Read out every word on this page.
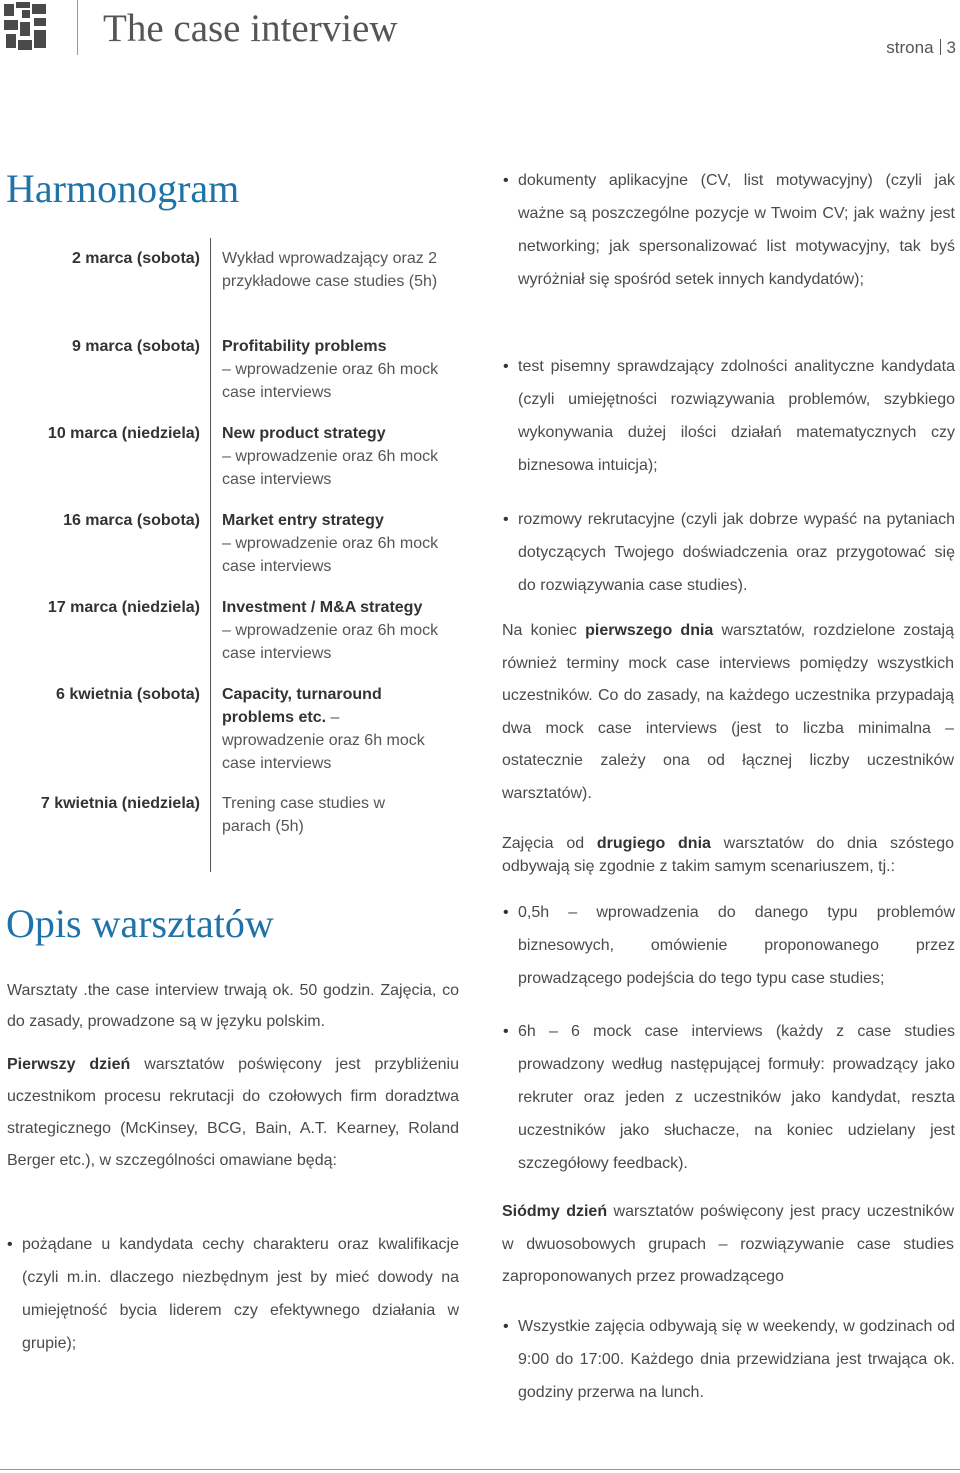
The case interview	strona 3
Harmonogram
2 marca (sobota) Wykład wprowadzający oraz 2 przykładowe case studies (5h)
9 marca (sobota) Profitability problems
– wprowadzenie oraz 6h mock case interviews
10 marca (niedziela) New product strategy
– wprowadzenie oraz 6h mock case interviews
16 marca (sobota) Market entry strategy
– wprowadzenie oraz 6h mock case interviews
17 marca (niedziela) Investment / M&A strategy
– wprowadzenie oraz 6h mock case interviews
6 kwietnia (sobota) Capacity, turnaround problems etc. – wprowadzenie oraz 6h mock case interviews
7 kwietnia (niedziela) Trening case studies w parach (5h)
Opis warsztatów
Warsztaty .the case interview trwają ok. 50 godzin. Zajęcia, co do zasady, prowadzone są w języku polskim.
Pierwszy dzień warsztatów poświęcony jest przybliżeniu uczestnikom procesu rekrutacji do czołowych firm doradztwa strategicznego (McKinsey, BCG, Bain, A.T. Kearney, Roland Berger etc.), w szczególności omawiane będą:
• pożądane u kandydata cechy charakteru oraz kwalifikacje (czyli m.in. dlaczego niezbędnym jest by mieć dowody na umiejętność bycia liderem czy efektywnego działania w grupie);
• dokumenty aplikacyjne (CV, list motywacyjny) (czyli jak ważne są poszczególne pozycje w Twoim CV; jak ważny jest networking; jak spersonalizować list motywacyjny, tak byś wyróżniał się spośród setek innych kandydatów);
• test pisemny sprawdzający zdolności analityczne kandydata (czyli umiejętności rozwiązywania problemów, szybkiego wykonywania dużej ilości działań matematycznych czy biznesowa intuicja);
• rozmowy rekrutacyjne (czyli jak dobrze wypaść na pytaniach dotyczących Twojego doświadczenia oraz przygotować się do rozwiązywania case studies).
Na koniec pierwszego dnia warsztatów, rozdzielone zostają również terminy mock case interviews pomiędzy wszystkich uczestników. Co do zasady, na każdego uczestnika przypadają dwa mock case interviews (jest to liczba minimalna – ostatecznie zależy ona od łącznej liczby uczestników warsztatów).
Zajęcia od drugiego dnia warsztatów do dnia szóstego odbywają się zgodnie z takim samym scenariuszem, tj.:
• 0,5h – wprowadzenia do danego typu problemów biznesowych, omówienie proponowanego przez prowadzącego podejścia do tego typu case studies;
• 6h – 6 mock case interviews (każdy z case studies prowadzony według następującej formuły: prowadzący jako rekruter oraz jeden z uczestników jako kandydat, reszta uczestników jako słuchacze, na koniec udzielany jest szczegółowy feedback).
Siódmy dzień warsztatów poświęcony jest pracy uczestników w dwuosobowych grupach – rozwiązywanie case studies zaproponowanych przez prowadzącego
• Wszystkie zajęcia odbywają się w weekendy, w godzinach od 9:00 do 17:00. Każdego dnia przewidziana jest trwająca ok. godziny przerwa na lunch.
